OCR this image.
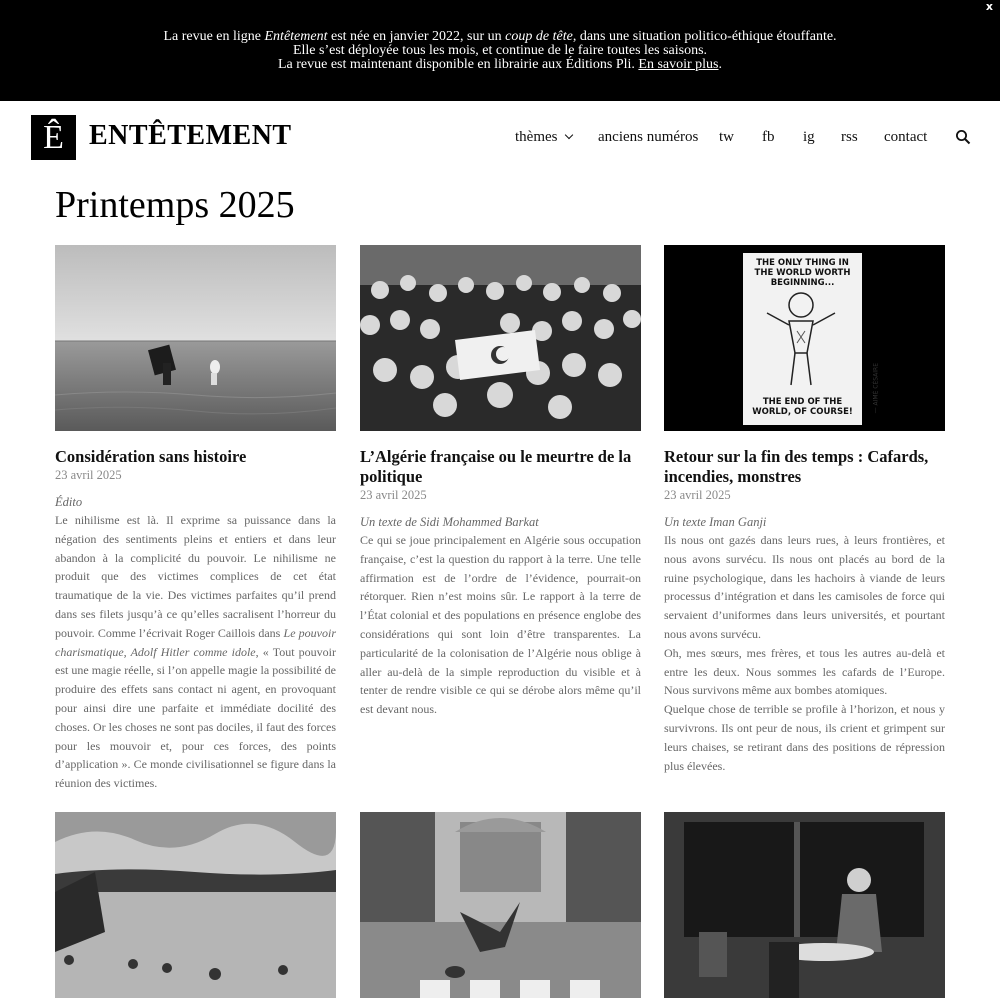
La revue en ligne Entêtement est née en janvier 2022, sur un coup de tête, dans une situation politico-éthique étouffante.
Elle s’est déployée tous les mois, et continue de le faire toutes les saisons.
La revue est maintenant disponible en librairie aux Éditions Pli. En savoir plus.
x
Ê ENTÊTEMENT	thèmes	anciens numéros tw fb ig rss contact
Printemps 2025
Considération sans histoire
23 avril 2025
Édito
Le nihilisme est là. Il exprime sa puissance dans la négation des sentiments pleins et entiers et dans leur abandon à la complicité du pouvoir. Le nihilisme ne produit que des victimes complices de cet état traumatique de la vie. Des victimes parfaites qu’il prend dans ses filets jusqu’à ce qu’elles sacralisent l’horreur du pouvoir. Comme l’écrivait Roger Caillois dans Le pouvoir charismatique, Adolf Hitler comme idole, « Tout pouvoir est une magie réelle, si l’on appelle magie la possibilité de produire des effets sans contact ni agent, en provoquant pour ainsi dire une parfaite et immédiate docilité des choses. Or les choses ne sont pas dociles, il faut des forces pour les mouvoir et, pour ces forces, des points d’application ». Ce monde civilisationnel se figure dans la réunion des victimes.
L’Algérie française ou le meurtre de la politique
23 avril 2025
Un texte de Sidi Mohammed Barkat
Ce qui se joue principalement en Algérie sous occupation française, c’est la question du rapport à la terre. Une telle affirmation est de l’ordre de l’évidence, pourrait-on rétorquer. Rien n’est moins sûr. Le rapport à la terre de l’État colonial et des populations en présence englobe des considérations qui sont loin d’être transparentes. La particularité de la colonisation de l’Algérie nous oblige à aller au-delà de la simple reproduction du visible et à tenter de rendre visible ce qui se dérobe alors même qu’il est devant nous.
THE ONLY THING IN THE WORLD WORTH BEGINNING...
THE END OF THE WORLD, OF COURSE!	— AIMÉ CÉSAIRE
Retour sur la fin des temps : Cafards, incendies, monstres
23 avril 2025
Un texte Iman Ganji

Ils nous ont gazés dans leurs rues, à leurs frontières, et nous avons survécu. Ils nous ont placés au bord de la ruine psychologique, dans les hachoirs à viande de leurs processus d’intégration et dans les camisoles de force qui servaient d’uniformes dans leurs universités, et pourtant nous avons survécu.

Oh, mes sœurs, mes frères, et tous les autres au-delà et entre les deux. Nous sommes les cafards de l’Europe. Nous survivons même aux bombes atomiques.

Quelque chose de terrible se profile à l’horizon, et nous y survivrons. Ils ont peur de nous, ils crient et grimpent sur leurs chaises, se retirant dans des positions de répression plus élevées.
